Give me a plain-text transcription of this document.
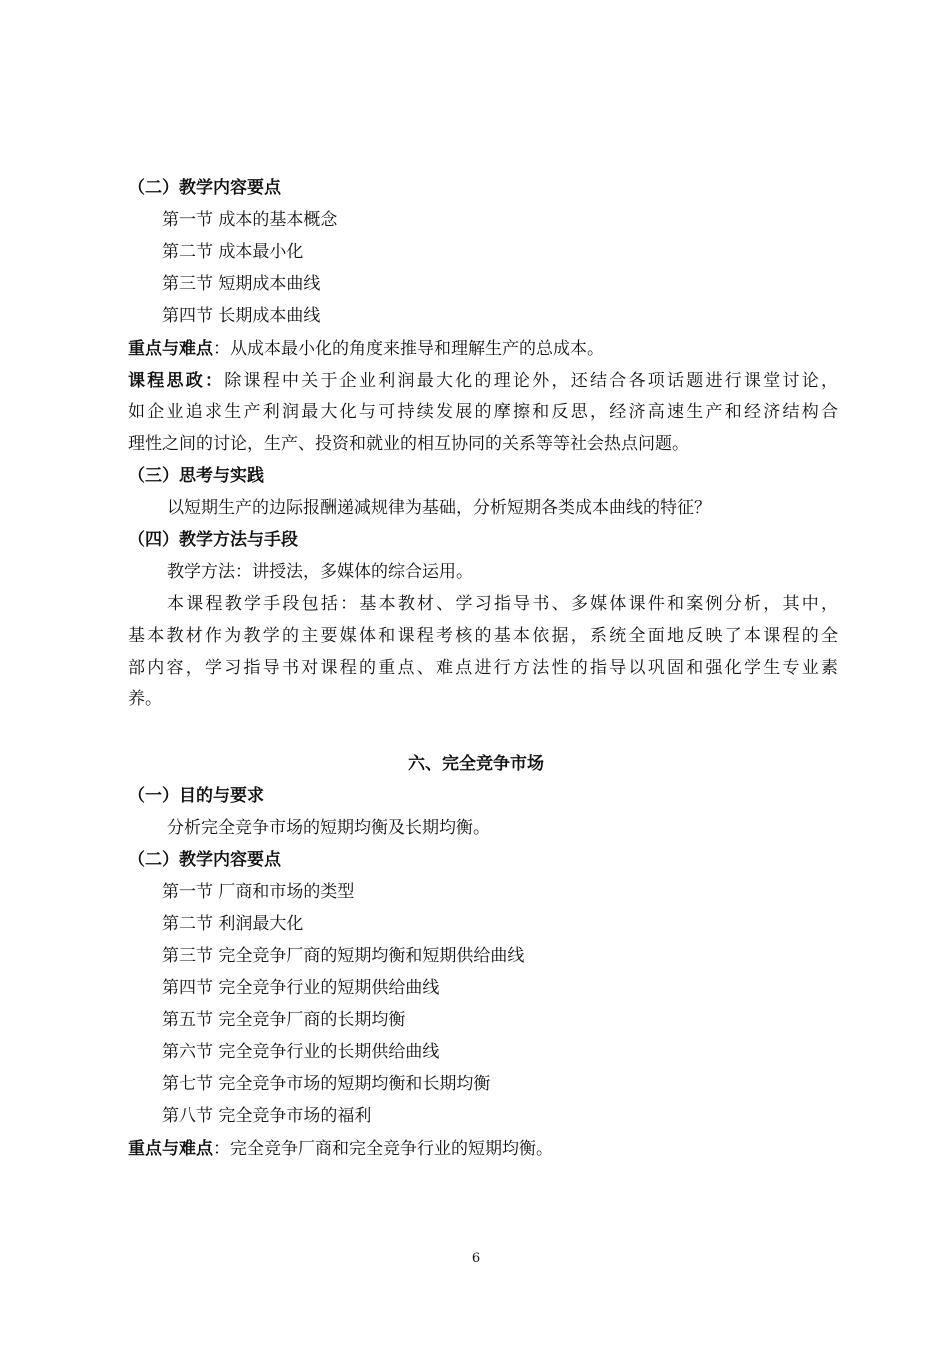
（二）教学内容要点
第一节 成本的基本概念
第二节 成本最小化
第三节 短期成本曲线
第四节 长期成本曲线
重点与难点：从成本最小化的角度来推导和理解生产的总成本。
课程思政：除课程中关于企业利润最大化的理论外，还结合各项话题进行课堂讨论，
如企业追求生产利润最大化与可持续发展的摩擦和反思，经济高速生产和经济结构合
理性之间的讨论，生产、投资和就业的相互协同的关系等等社会热点问题。
（三）思考与实践
以短期生产的边际报酬递减规律为基础，分析短期各类成本曲线的特征？
（四）教学方法与手段
教学方法：讲授法，多媒体的综合运用。
本课程教学手段包括：基本教材、学习指导书、多媒体课件和案例分析，其中，
基本教材作为教学的主要媒体和课程考核的基本依据，系统全面地反映了本课程的全
部内容，学习指导书对课程的重点、难点进行方法性的指导以巩固和强化学生专业素
养。
六、完全竞争市场
（一）目的与要求
分析完全竞争市场的短期均衡及长期均衡。
（二）教学内容要点
第一节 厂商和市场的类型
第二节 利润最大化
第三节 完全竞争厂商的短期均衡和短期供给曲线
第四节 完全竞争行业的短期供给曲线
第五节 完全竞争厂商的长期均衡
第六节 完全竞争行业的长期供给曲线
第七节 完全竞争市场的短期均衡和长期均衡
第八节 完全竞争市场的福利
重点与难点：完全竞争厂商和完全竞争行业的短期均衡。
6
